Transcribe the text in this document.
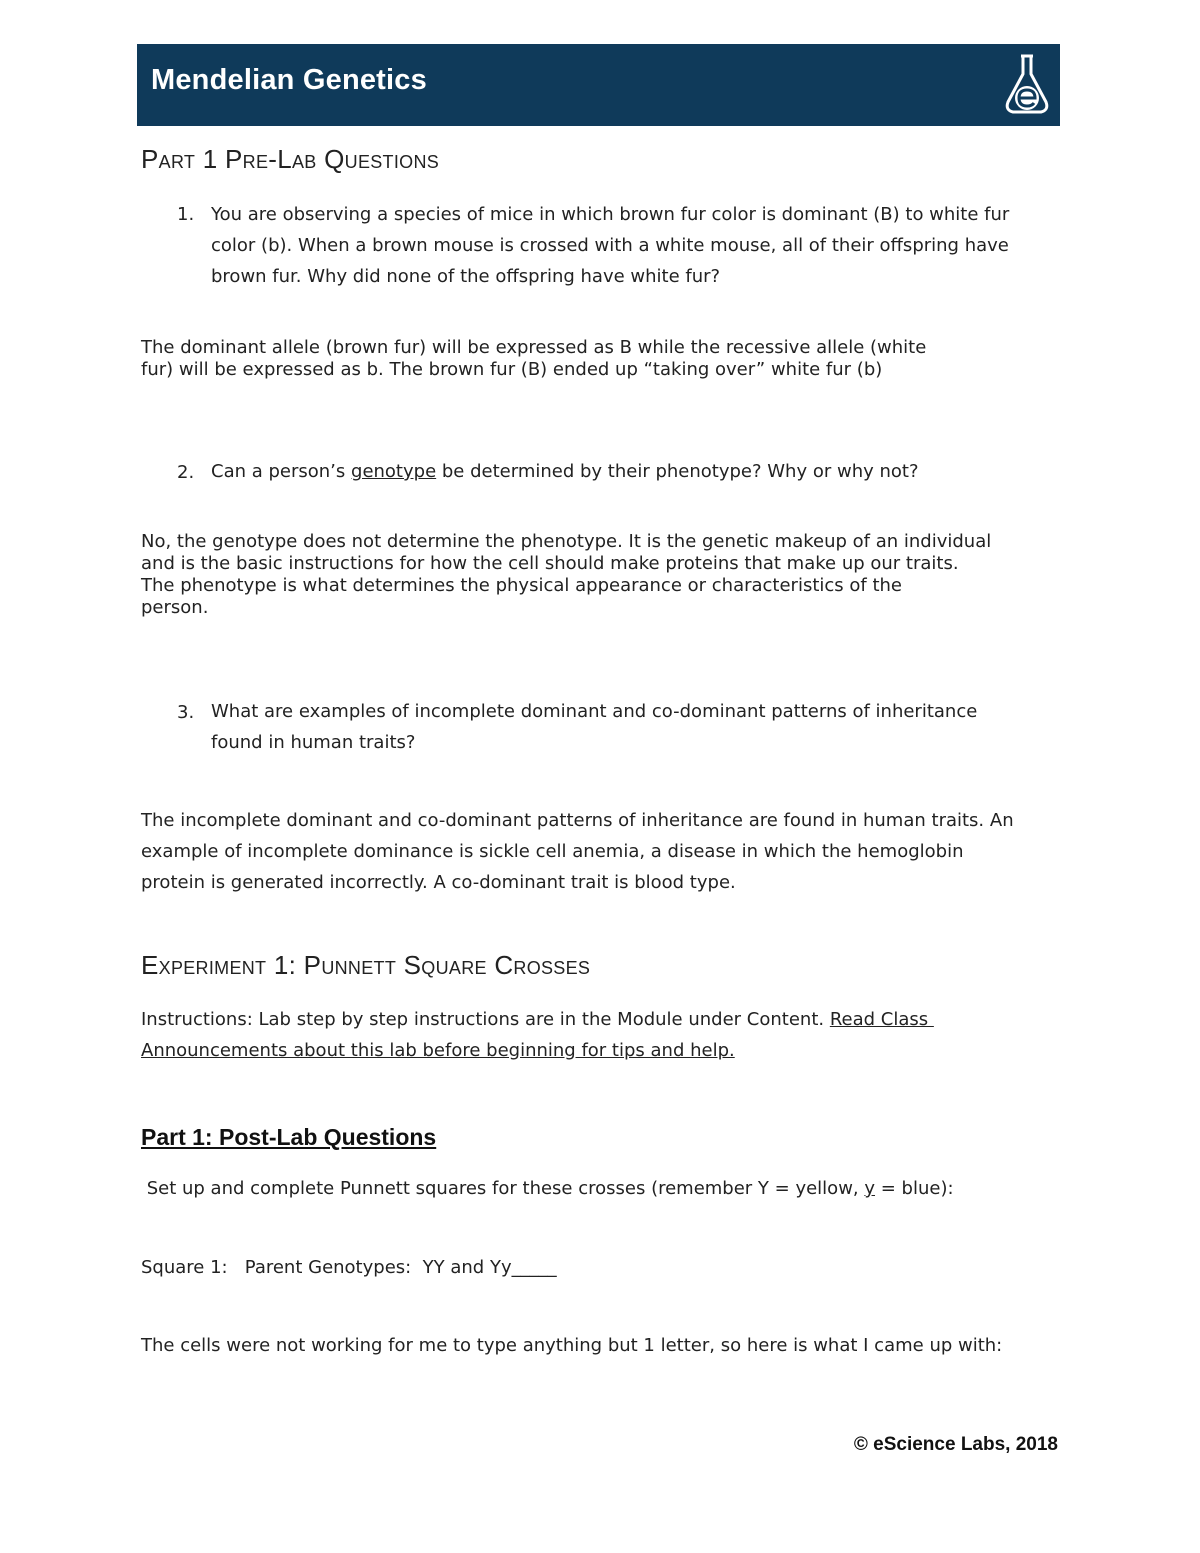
Mendelian Genetics
Part 1 Pre-Lab Questions
1. You are observing a species of mice in which brown fur color is dominant (B) to white fur
color (b). When a brown mouse is crossed with a white mouse, all of their offspring have
brown fur. Why did none of the offspring have white fur?
The dominant allele (brown fur) will be expressed as B while the recessive allele (white
fur) will be expressed as b. The brown fur (B) ended up “taking over” white fur (b)
2. Can a person’s genotype be determined by their phenotype? Why or why not?
No, the genotype does not determine the phenotype. It is the genetic makeup of an individual
and is the basic instructions for how the cell should make proteins that make up our traits.
The phenotype is what determines the physical appearance or characteristics of the
person.
3. What are examples of incomplete dominant and co-dominant patterns of inheritance
found in human traits?
The incomplete dominant and co-dominant patterns of inheritance are found in human traits. An
example of incomplete dominance is sickle cell anemia, a disease in which the hemoglobin
protein is generated incorrectly. A co-dominant trait is blood type.
Experiment 1: Punnett Square Crosses
Instructions: Lab step by step instructions are in the Module under Content. Read Class
Announcements about this lab before beginning for tips and help.
Part 1: Post-Lab Questions
Set up and complete Punnett squares for these crosses (remember Y = yellow, y = blue):
Square 1:   Parent Genotypes:  YY and Yy_____
The cells were not working for me to type anything but 1 letter, so here is what I came up with:
© eScience Labs, 2018
